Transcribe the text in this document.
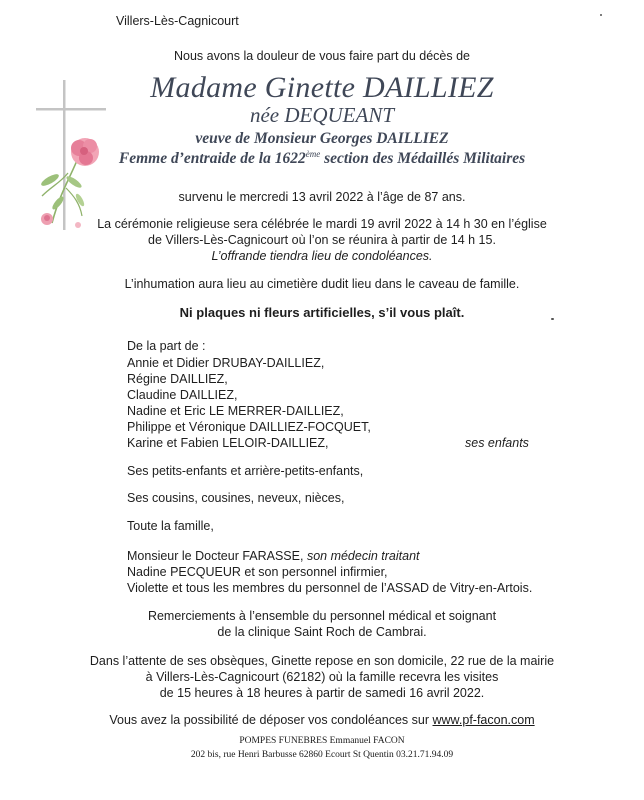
Villers-Lès-Cagnicourt
Nous avons la douleur de vous faire part du décès de
Madame Ginette DAILLIEZ
née DEQUEANT
veuve de Monsieur Georges DAILLIEZ
Femme d’entraide de la 1622ème section des Médaillés Militaires
survenu le mercredi 13 avril 2022 à l’âge de 87 ans.
La cérémonie religieuse sera célébrée le mardi 19 avril 2022 à 14 h 30 en l’église
de Villers-Lès-Cagnicourt où l’on se réunira à partir de 14 h 15.
L’offrande tiendra lieu de condoléances.
L’inhumation aura lieu au cimetière dudit lieu dans le caveau de famille.
Ni plaques ni fleurs artificielles, s’il vous plaît.
De la part de :
Annie et Didier DRUBAY-DAILLIEZ,
Régine DAILLIEZ,
Claudine DAILLIEZ,
Nadine et Eric LE MERRER-DAILLIEZ,
Philippe et Véronique DAILLIEZ-FOCQUET,
Karine et Fabien LELOIR-DAILLIEZ,	ses enfants
Ses petits-enfants et arrière-petits-enfants,
Ses cousins, cousines, neveux, nièces,
Toute la famille,
Monsieur le Docteur FARASSE, son médecin traitant
Nadine PECQUEUR et son personnel infirmier,
Violette et tous les membres du personnel de l’ASSAD de Vitry-en-Artois.
Remerciements à l’ensemble du personnel médical et soignant
de la clinique Saint Roch de Cambrai.
Dans l’attente de ses obsèques, Ginette repose en son domicile, 22 rue de la mairie
à Villers-Lès-Cagnicourt (62182) où la famille recevra les visites
de 15 heures à 18 heures à partir de samedi 16 avril 2022.
Vous avez la possibilité de déposer vos condoléances sur www.pf-facon.com
POMPES FUNEBRES Emmanuel FACON
202 bis, rue Henri Barbusse 62860 Ecourt St Quentin 03.21.71.94.09
